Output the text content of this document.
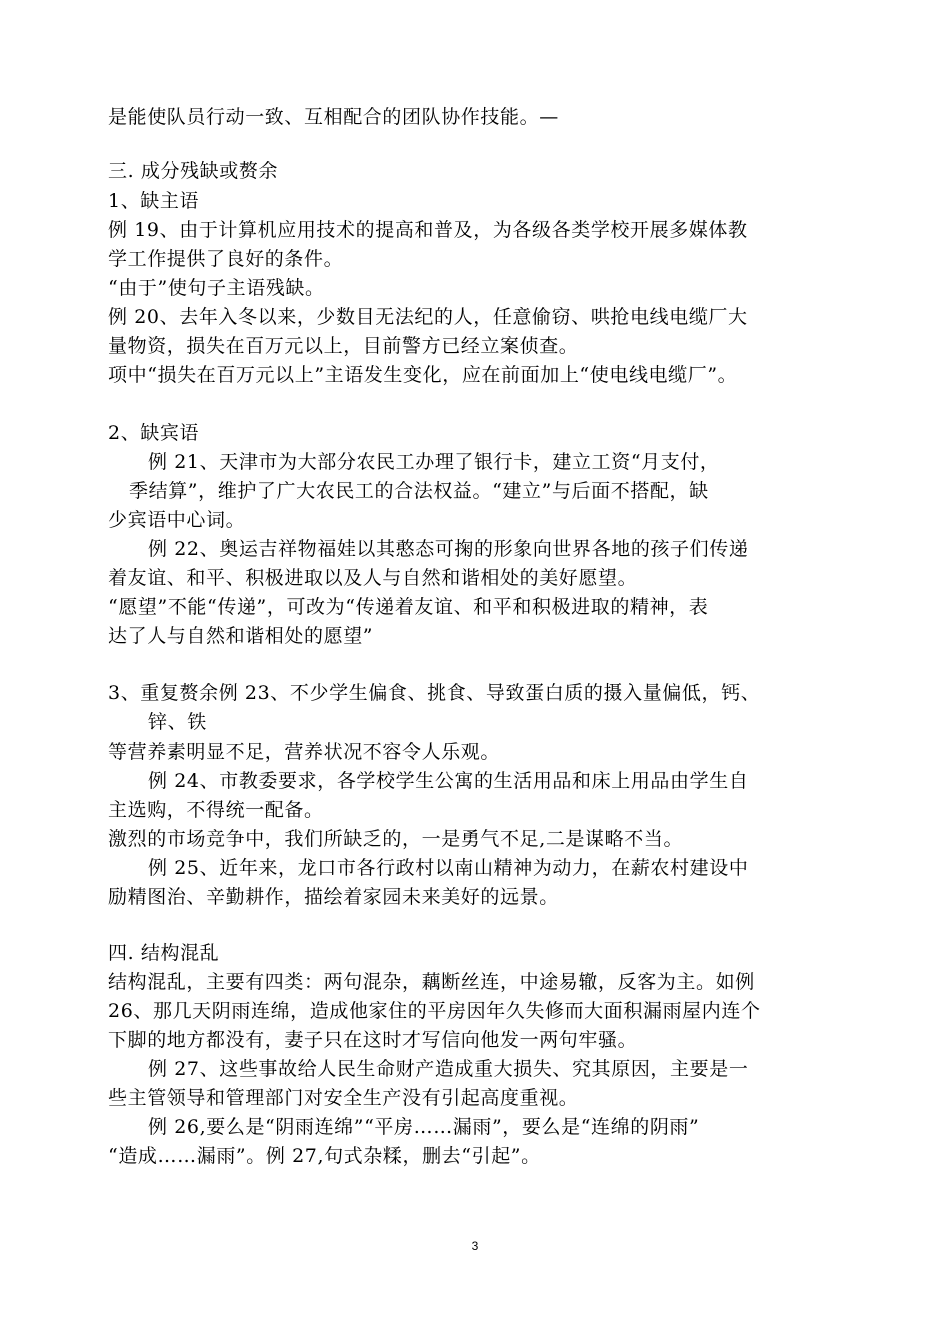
是能使队员行动一致、互相配合的团队协作技能。—
三. 成分残缺或赘余
1、缺主语
例 19、由于计算机应用技术的提高和普及，为各级各类学校开展多媒体教
学工作提供了良好的条件。
“由于”使句子主语残缺。
例 20、去年入冬以来，少数目无法纪的人，任意偷窃、哄抢电线电缆厂大
量物资，损失在百万元以上，目前警方已经立案侦查。
项中“损失在百万元以上”主语发生变化，应在前面加上“使电线电缆厂”。
2、缺宾语
例 21、天津市为大部分农民工办理了银行卡，建立工资“月支付，
季结算”，维护了广大农民工的合法权益。“建立”与后面不搭配，缺
少宾语中心词。
例 22、奥运吉祥物福娃以其憨态可掬的形象向世界各地的孩子们传递
着友谊、和平、积极进取以及人与自然和谐相处的美好愿望。
“愿望”不能“传递”，可改为“传递着友谊、和平和积极进取的精神，表
达了人与自然和谐相处的愿望”
3、重复赘余例 23、不少学生偏食、挑食、导致蛋白质的摄入量偏低，钙、
锌、铁
等营养素明显不足，营养状况不容令人乐观。
例 24、市教委要求，各学校学生公寓的生活用品和床上用品由学生自
主选购，不得统一配备。
激烈的市场竞争中，我们所缺乏的，一是勇气不足,二是谋略不当。
例 25、近年来，龙口市各行政村以南山精神为动力，在薪农村建设中
励精图治、辛勤耕作，描绘着家园未来美好的远景。
四. 结构混乱
结构混乱，主要有四类：两句混杂，藕断丝连，中途易辙，反客为主。如例
26、那几天阴雨连绵，造成他家住的平房因年久失修而大面积漏雨屋内连个
下脚的地方都没有，妻子只在这时才写信向他发一两句牢骚。
例 27、这些事故给人民生命财产造成重大损失、究其原因，主要是一
些主管领导和管理部门对安全生产没有引起高度重视。
例 26,要么是“阴雨连绵”“平房……漏雨”，要么是“连绵的阴雨”
“造成……漏雨”。例 27,句式杂糅，删去“引起”。
3
